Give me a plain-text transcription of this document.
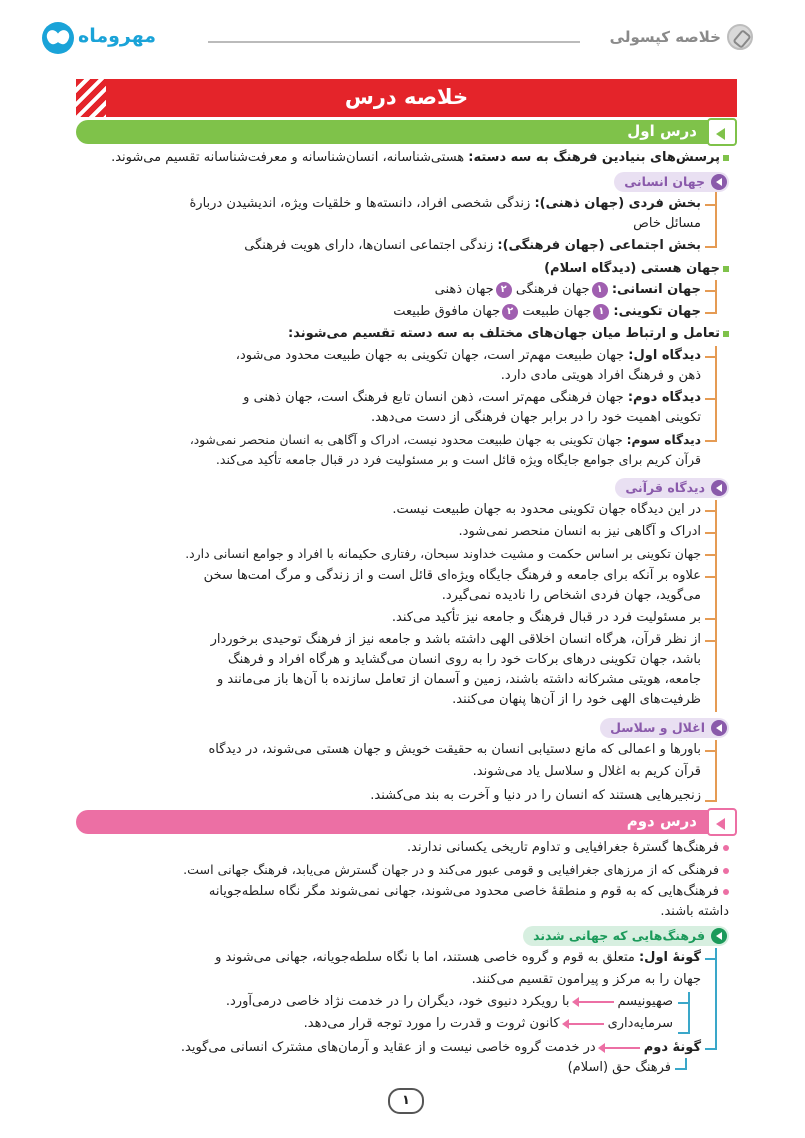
خلاصه کپسولی
مهروماه
خلاصه درس
درس اول
پرسش‌های بنیادین فرهنگ به سه دسته: هستی‌شناسانه، انسان‌شناسانه و معرفت‌شناسانه تقسیم می‌شوند.
جهان انسانی
بخش فردی (جهان ذهنی): زندگی شخصی افراد، دانسته‌ها و خلقیات ویژه، اندیشیدن دربارهٔ
مسائل خاص
بخش اجتماعی (جهان فرهنگی): زندگی اجتماعی انسان‌ها، دارای هویت فرهنگی
جهان هستی (دیدگاه اسلام)
جهان انسانی: ۱جهان فرهنگی ۲جهان ذهنی
جهان تکوینی: ۱جهان طبیعت ۲جهان مافوق طبیعت
تعامل و ارتباط میان جهان‌های مختلف به سه دسته تقسیم می‌شوند:
دیدگاه اول: جهان طبیعت مهم‌تر است، جهان تکوینی به جهان طبیعت محدود می‌شود،
ذهن و فرهنگ افراد هویتی مادی دارد.
دیدگاه دوم: جهان فرهنگی مهم‌تر است، ذهن انسان تابع فرهنگ است، جهان ذهنی و
تکوینی اهمیت خود را در برابر جهان فرهنگی از دست می‌دهد.
دیدگاه سوم: جهان تکوینی به جهان طبیعت محدود نیست، ادراک و آگاهی به انسان منحصر نمی‌شود،
قرآن کریم برای جوامع جایگاه ویژه قائل است و بر مسئولیت فرد در قبال جامعه تأکید می‌کند.
دیدگاه قرآنی
در این دیدگاه جهان تکوینی محدود به جهان طبیعت نیست.
ادراک و آگاهی نیز به انسان منحصر نمی‌شود.
جهان تکوینی بر اساس حکمت و مشیت خداوند سبحان، رفتاری حکیمانه با افراد و جوامع انسانی دارد.
علاوه بر آنکه برای جامعه و فرهنگ جایگاه ویژه‌ای قائل است و از زندگی و مرگ امت‌ها سخن
می‌گوید، جهان فردی اشخاص را نادیده نمی‌گیرد.
بر مسئولیت فرد در قبال فرهنگ و جامعه نیز تأکید می‌کند.
از نظر قرآن، هرگاه انسان اخلاقی الهی داشته باشد و جامعه نیز از فرهنگ توحیدی برخوردار
باشد، جهان تکوینی درهای برکات خود را به روی انسان می‌گشاید و هرگاه افراد و فرهنگ
جامعه، هویتی مشرکانه داشته باشند، زمین و آسمان از تعامل سازنده با آن‌ها باز می‌مانند و
ظرفیت‌های الهی خود را از آن‌ها پنهان می‌کنند.
اغلال و سلاسل
باورها و اعمالی که مانع دستیابی انسان به حقیقت خویش و جهان هستی می‌شوند، در دیدگاه
قرآن کریم به اغلال و سلاسل یاد می‌شوند.
زنجیرهایی هستند که انسان را در دنیا و آخرت به بند می‌کشند.
درس دوم
فرهنگ‌ها گسترهٔ جغرافیایی و تداوم تاریخی یکسانی ندارند.
فرهنگی که از مرزهای جغرافیایی و قومی عبور می‌کند و در جهان گسترش می‌یابد، فرهنگ جهانی است.
فرهنگ‌هایی که به قوم و منطقهٔ خاصی محدود می‌شوند، جهانی نمی‌شوند مگر نگاه سلطه‌جویانه
داشته باشند.
فرهنگ‌هایی که جهانی شدند
گونهٔ اول: متعلق به قوم و گروه خاصی هستند، اما با نگاه سلطه‌جویانه، جهانی می‌شوند و
جهان را به مرکز و پیرامون تقسیم می‌کنند.
صهیونیسمبا رویکرد دنیوی خود، دیگران را در خدمت نژاد خاصی درمی‌آورد.
سرمایه‌داریکانون ثروت و قدرت را مورد توجه قرار می‌دهد.
گونهٔ دومدر خدمت گروه خاصی نیست و از عقاید و آرمان‌های مشترک انسانی می‌گوید.
فرهنگ حق (اسلام)
۱
